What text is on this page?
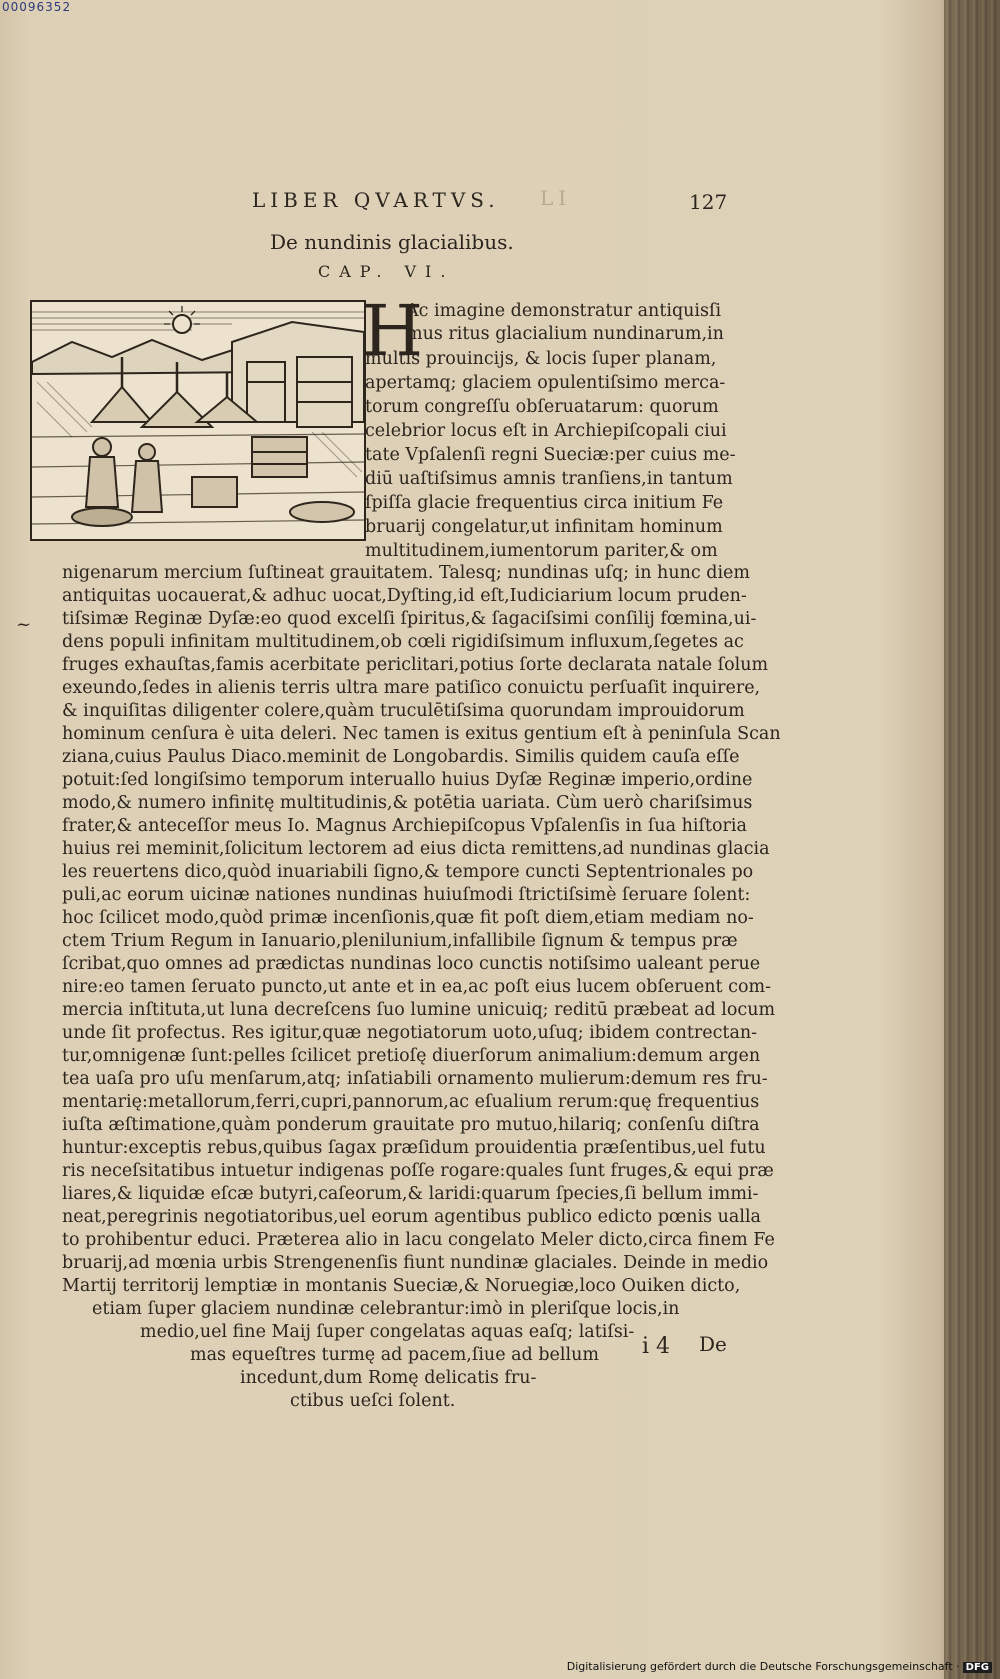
00096352
LIBER QVARTVS. LI	127
De nundinis glacialibus.
CAP. VI.
H
~
Ac imagine demonstratur antiquisſi
mus ritus glacialium nundinarum,in
multis prouincijs, & locis ſuper planam,
apertamq; glaciem opulentiſsimo merca-
torum congreſſu obſeruatarum: quorum
celebrior locus eſt in Archiepiſcopali ciui
tate Vpſalenſi regni Sueciæ:per cuius me-
diū uaſtiſsimus amnis tranſiens,in tantum
ſpiſſa glacie frequentius circa initium Fe
bruarij congelatur,ut infinitam hominum
multitudinem,iumentorum pariter,& om
nigenarum mercium ſuſtineat grauitatem. Talesq; nundinas uſq; in hunc diem
antiquitas uocauerat,& adhuc uocat,Dyſting,id eſt,Iudiciarium locum pruden-
tiſsimæ Reginæ Dyſæ:eo quod excelſi ſpiritus,& ſagaciſsimi conſilij fœmina,ui-
dens populi infinitam multitudinem,ob cœli rigidiſsimum influxum,ſegetes ac
fruges exhauſtas,famis acerbitate periclitari,potius ſorte declarata natale ſolum
exeundo,ſedes in alienis terris ultra mare patiſico conuictu perſuaſit inquirere,
& inquiſitas diligenter colere,quàm truculētiſsima quorundam improuidorum
hominum cenſura è uita deleri. Nec tamen is exitus gentium eſt à peninſula Scan
ziana,cuius Paulus Diaco.meminit de Longobardis. Similis quidem cauſa eſſe
potuit:ſed longiſsimo temporum interuallo huius Dyſæ Reginæ imperio,ordine
modo,& numero infinitę multitudinis,& potētia uariata. Cùm uerò chariſsimus
frater,& anteceſſor meus Io. Magnus Archiepiſcopus Vpſalenſis in ſua hiſtoria
huius rei meminit,ſolicitum lectorem ad eius dicta remittens,ad nundinas glacia
les reuertens dico,quòd inuariabili ſigno,& tempore cuncti Septentrionales po
puli,ac eorum uicinæ nationes nundinas huiuſmodi ſtrictiſsimè ſeruare ſolent:
hoc ſcilicet modo,quòd primæ incenſionis,quæ fit poſt diem,etiam mediam no-
ctem Trium Regum in Ianuario,plenilunium,infallibile ſignum & tempus præ
ſcribat,quo omnes ad prædictas nundinas loco cunctis notiſsimo ualeant perue
nire:eo tamen ſeruato puncto,ut ante et in ea,ac poſt eius lucem obſeruent com-
mercia inſtituta,ut luna decreſcens ſuo lumine unicuiq; reditū præbeat ad locum
unde ſit profectus. Res igitur,quæ negotiatorum uoto,uſuq; ibidem contrectan-
tur,omnigenæ ſunt:pelles ſcilicet pretioſę diuerſorum animalium:demum argen
tea uaſa pro uſu menſarum,atq; inſatiabili ornamento mulierum:demum res fru-
mentarię:metallorum,ferri,cupri,pannorum,ac eſualium rerum:quę frequentius
iuſta æſtimatione,quàm ponderum grauitate pro mutuo,hilariq; conſenſu diſtra
huntur:exceptis rebus,quibus ſagax præſidum prouidentia præſentibus,uel futu
ris neceſsitatibus intuetur indigenas poſſe rogare:quales ſunt fruges,& equi præ
liares,& liquidæ eſcæ butyri,caſeorum,& laridi:quarum ſpecies,ſi bellum immi-
neat,peregrinis negotiatoribus,uel eorum agentibus publico edicto pœnis ualla
to prohibentur educi. Præterea alio in lacu congelato Meler dicto,circa finem Fe
bruarij,ad mœnia urbis Strengenenſis fiunt nundinæ glaciales. Deinde in medio
Martij territorij lemptiæ in montanis Sueciæ,& Noruegiæ,loco Ouiken dicto,
etiam ſuper glaciem nundinæ celebrantur:imò in pleriſque locis,in
medio,uel fine Maij ſuper congelatas aquas eaſq; latiſsi-
mas equeſtres turmę ad pacem,ſiue ad bellum
incedunt,dum Romę delicatis fru-
ctibus ueſci ſolent.
i 4 De
Digitalisierung gefördert durch die Deutsche Forschungsgemeinschaft · DFG
